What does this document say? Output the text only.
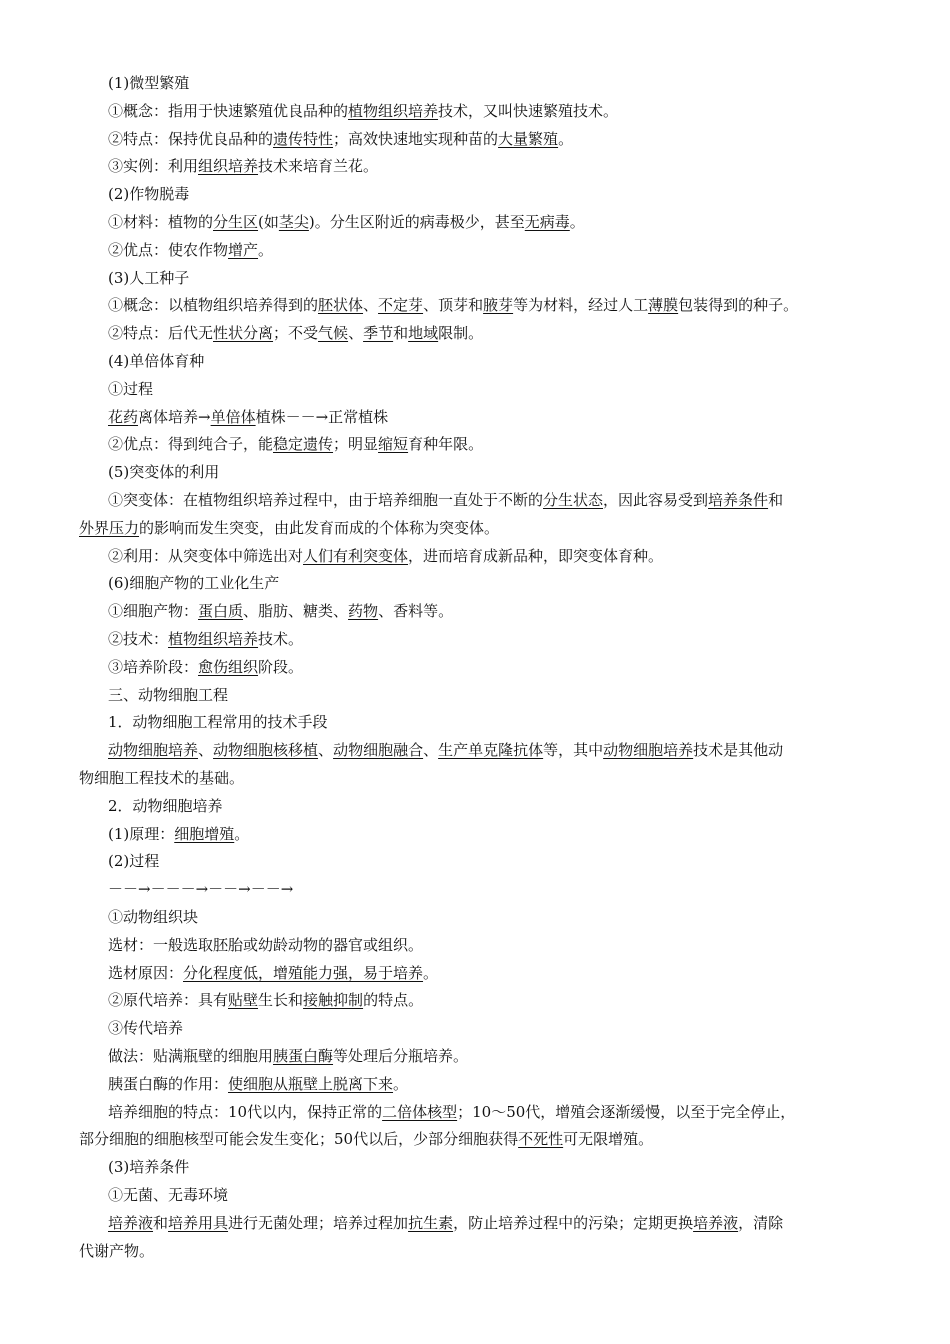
(1)微型繁殖
①概念：指用于快速繁殖优良品种的植物组织培养技术，又叫快速繁殖技术。
②特点：保持优良品种的遗传特性；高效快速地实现种苗的大量繁殖。
③实例：利用组织培养技术来培育兰花。
(2)作物脱毒
①材料：植物的分生区(如茎尖)。分生区附近的病毒极少，甚至无病毒。
②优点：使农作物增产。
(3)人工种子
①概念：以植物组织培养得到的胚状体、不定芽、顶芽和腋芽等为材料，经过人工薄膜包装得到的种子。
②特点：后代无性状分离；不受气候、季节和地域限制。
(4)单倍体育种
①过程
花药离体培养→单倍体植株－－→正常植株
②优点：得到纯合子，能稳定遗传；明显缩短育种年限。
(5)突变体的利用
①突变体：在植物组织培养过程中，由于培养细胞一直处于不断的分生状态，因此容易受到培养条件和
外界压力的影响而发生突变，由此发育而成的个体称为突变体。
②利用：从突变体中筛选出对人们有利突变体，进而培育成新品种，即突变体育种。
(6)细胞产物的工业化生产
①细胞产物：蛋白质、脂肪、糖类、药物、香料等。
②技术：植物组织培养技术。
③培养阶段：愈伤组织阶段。
三、动物细胞工程
1．动物细胞工程常用的技术手段
动物细胞培养、动物细胞核移植、动物细胞融合、生产单克隆抗体等，其中动物细胞培养技术是其他动
物细胞工程技术的基础。
2．动物细胞培养
(1)原理：细胞增殖。
(2)过程
－－→－－－→－－→－－→
①动物组织块
选材：一般选取胚胎或幼龄动物的器官或组织。
选材原因：分化程度低，增殖能力强，易于培养。
②原代培养：具有贴壁生长和接触抑制的特点。
③传代培养
做法：贴满瓶壁的细胞用胰蛋白酶等处理后分瓶培养。
胰蛋白酶的作用：使细胞从瓶壁上脱离下来。
培养细胞的特点：10代以内，保持正常的二倍体核型；10～50代，增殖会逐渐缓慢，以至于完全停止，
部分细胞的细胞核型可能会发生变化；50代以后，少部分细胞获得不死性可无限增殖。
(3)培养条件
①无菌、无毒环境
培养液和培养用具进行无菌处理；培养过程加抗生素，防止培养过程中的污染；定期更换培养液，清除
代谢产物。
